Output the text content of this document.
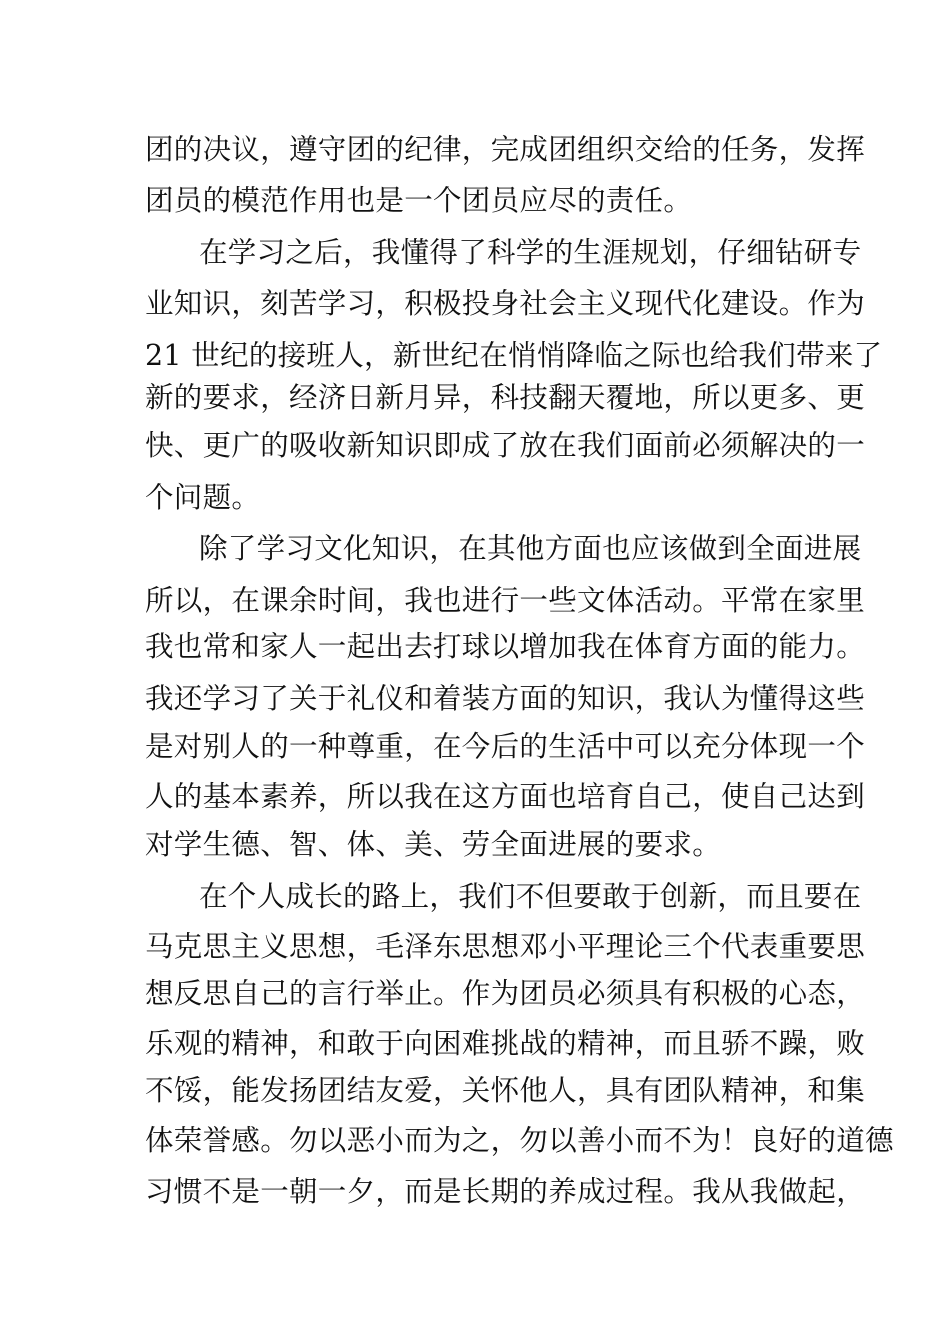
团的决议，遵守团的纪律，完成团组织交给的任务，发挥
团员的模范作用也是一个团员应尽的责任。
在学习之后，我懂得了科学的生涯规划，仔细钻研专
业知识，刻苦学习，积极投身社会主义现代化建设。作为
21 世纪的接班人，新世纪在悄悄降临之际也给我们带来了
新的要求，经济日新月异，科技翻天覆地，所以更多、更
快、更广的吸收新知识即成了放在我们面前必须解决的一
个问题。
除了学习文化知识，在其他方面也应该做到全面进展
所以，在课余时间，我也进行一些文体活动。平常在家里
我也常和家人一起出去打球以增加我在体育方面的能力。
我还学习了关于礼仪和着装方面的知识，我认为懂得这些
是对别人的一种尊重，在今后的生活中可以充分体现一个
人的基本素养，所以我在这方面也培育自己，使自己达到
对学生德、智、体、美、劳全面进展的要求。
在个人成长的路上，我们不但要敢于创新，而且要在
马克思主义思想，毛泽东思想邓小平理论三个代表重要思
想反思自己的言行举止。作为团员必须具有积极的心态，
乐观的精神，和敢于向困难挑战的精神，而且骄不躁，败
不馁，能发扬团结友爱，关怀他人，具有团队精神，和集
体荣誉感。勿以恶小而为之，勿以善小而不为！良好的道德
习惯不是一朝一夕，而是长期的养成过程。我从我做起，
